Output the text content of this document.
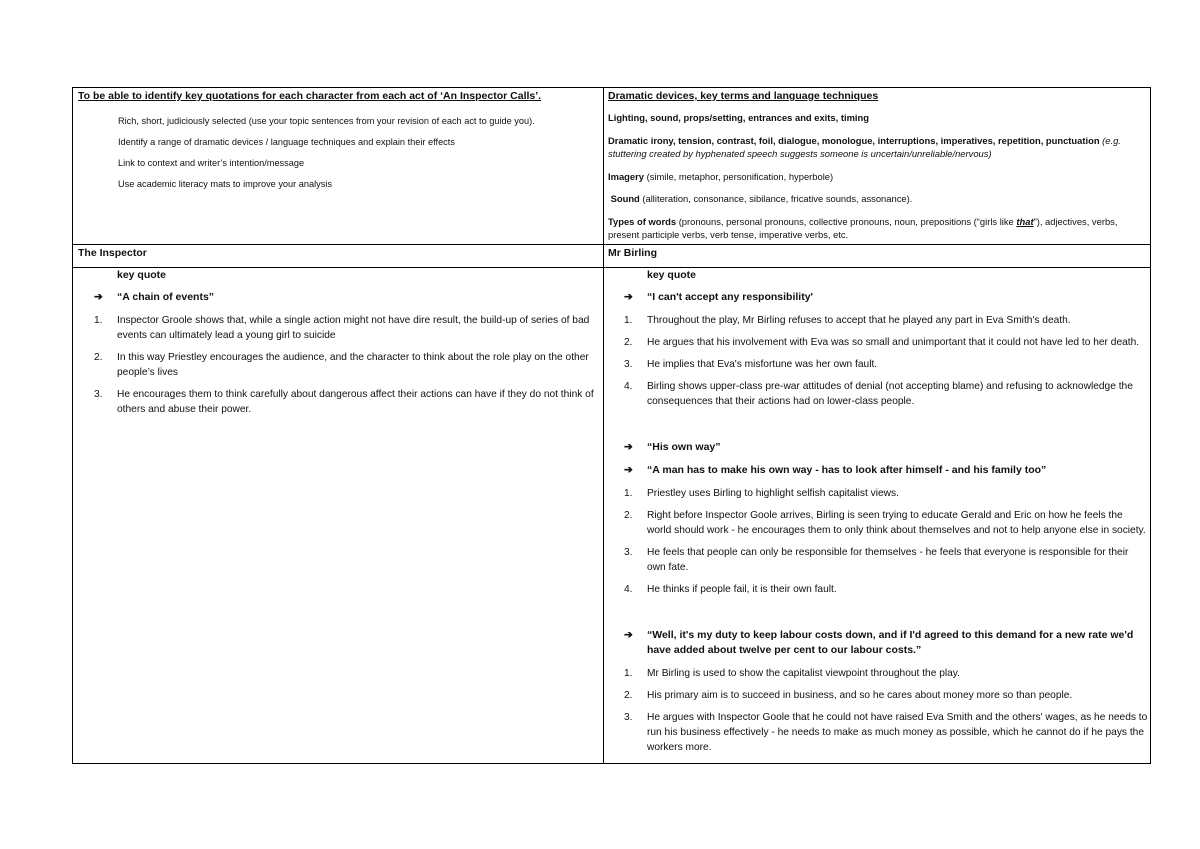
To be able to identify key quotations for each character from each act of ‘An Inspector Calls’.
Rich, short, judiciously selected (use your topic sentences from your revision of each act to guide you).
Identify a range of dramatic devices / language techniques and explain their effects
Link to context and writer’s intention/message
Use academic literacy mats to improve your analysis
Dramatic devices, key terms and language techniques

Lighting, sound, props/setting, entrances and exits, timing

Dramatic irony, tension, contrast, foil, dialogue, monologue, interruptions, imperatives, repetition, punctuation (e.g. stuttering created by hyphenated speech suggests someone is uncertain/unreliable/nervous)

Imagery (simile, metaphor, personification, hyperbole)

Sound (alliteration, consonance, sibilance, fricative sounds, assonance).

Types of words (pronouns, personal pronouns, collective pronouns, noun, prepositions (“girls like that”), adjectives, verbs, present participle verbs, verb tense, imperative verbs, etc.

The Inspector	Mr Birling
key quote
➔ “A chain of events”
1. Inspector Groole shows that, while a single action might not have dire result, the build-up of series of bad events can ultimately lead a young girl to suicide
2. In this way Priestley encourages the audience, and the character to think about the role play on the other people’s lives
3. He encourages them to think carefully about dangerous affect their actions can have if they do not think of others and abuse their power.
key quote
➔ “I can't accept any responsibility'
1. Throughout the play, Mr Birling refuses to accept that he played any part in Eva Smith's death.
2. He argues that his involvement with Eva was so small and unimportant that it could not have led to her death.
3. He implies that Eva's misfortune was her own fault.
4. Birling shows upper-class pre-war attitudes of denial (not accepting blame) and refusing to acknowledge the consequences that their actions had on lower-class people.
➔ “His own way”
➔ “A man has to make his own way - has to look after himself - and his family too”
1. Priestley uses Birling to highlight selfish capitalist views.
2. Right before Inspector Goole arrives, Birling is seen trying to educate Gerald and Eric on how he feels the world should work - he encourages them to only think about themselves and not to help anyone else in society.
3. He feels that people can only be responsible for themselves - he feels that everyone is responsible for their own fate.
4. He thinks if people fail, it is their own fault.
➔ “Well, it's my duty to keep labour costs down, and if I'd agreed to this demand for a new rate we'd have added about twelve per cent to our labour costs.”
1. Mr Birling is used to show the capitalist viewpoint throughout the play.
2. His primary aim is to succeed in business, and so he cares about money more so than people.
3. He argues with Inspector Goole that he could not have raised Eva Smith and the others' wages, as he needs to run his business effectively - he needs to make as much money as possible, which he cannot do if he pays the workers more.
